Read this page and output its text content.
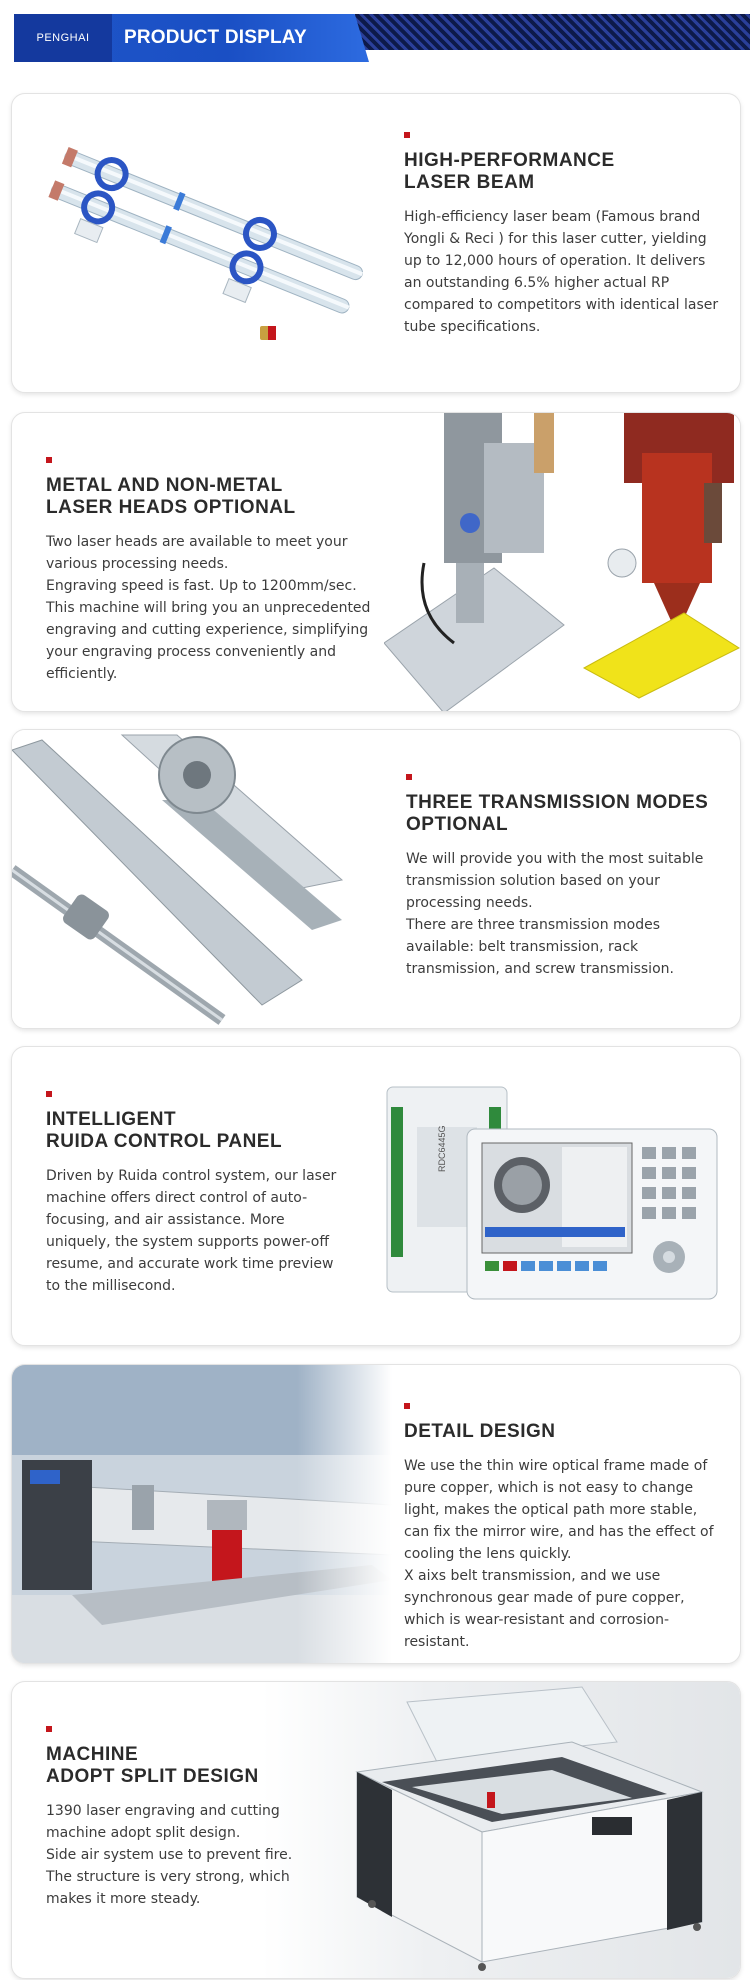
PENGHAI	PRODUCT DISPLAY
HIGH-PERFORMANCE
LASER BEAM

High-efficiency laser beam (Famous brand Yongli & Reci ) for this laser cutter, yielding up to 12,000 hours of operation. It delivers an outstanding 6.5% higher actual RP compared to competitors with identical laser tube specifications.

METAL AND NON-METAL
LASER HEADS OPTIONAL

Two laser heads are available to meet your various processing needs.

Engraving speed is fast. Up to 1200mm/sec.

This machine will bring you an unprecedented engraving and cutting experience, simplifying your engraving process conveniently and efficiently.

THREE TRANSMISSION MODES
OPTIONAL

We will provide you with the most suitable transmission solution based on your processing needs.

There are three transmission modes available: belt transmission, rack transmission, and screw transmission.

INTELLIGENT
RUIDA CONTROL PANEL

Driven by Ruida control system, our laser machine offers direct control of auto-focusing, and air assistance. More uniquely, the system supports power-off resume, and accurate work time preview to the millisecond.

RDC6445G
DETAIL DESIGN

We use the thin wire optical frame made of pure copper, which is not easy to change light, makes the optical path more stable, can fix the mirror wire, and has the effect of cooling the lens quickly.

X aixs belt transmission, and we use synchronous gear made of pure copper, which is wear-resistant and corrosion-resistant.

MACHINE
ADOPT SPLIT DESIGN

1390 laser engraving and cutting machine adopt split design.

Side air system use to prevent fire.

The structure is very strong, which makes it more steady.
